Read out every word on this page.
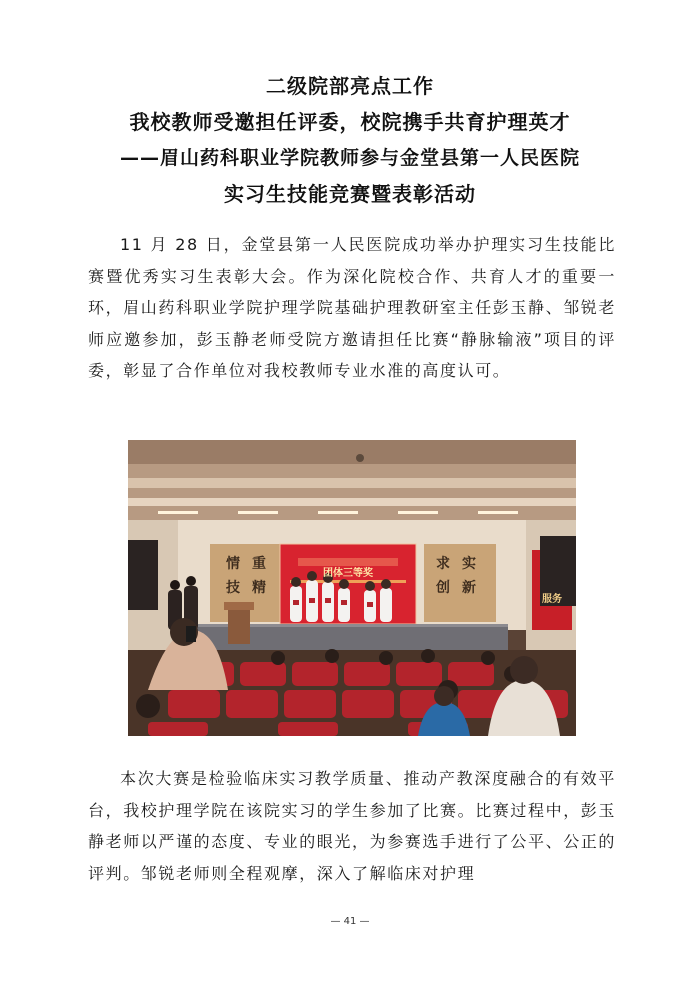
二级院部亮点工作
我校教师受邀担任评委，校院携手共育护理英才
——眉山药科职业学院教师参与金堂县第一人民医院
实习生技能竞赛暨表彰活动

11 月 28 日，金堂县第一人民医院成功举办护理实习生技能比赛暨优秀实习生表彰大会。作为深化院校合作、共育人才的重要一环，眉山药科职业学院护理学院基础护理教研室主任彭玉静、邹锐老师应邀参加，彭玉静老师受院方邀请担任比赛“静脉输液”项目的评委，彰显了合作单位对我校教师专业水准的高度认可。

情 重
技 精
求 实
创 新
团体三等奖
服务

本次大赛是检验临床实习教学质量、推动产教深度融合的有效平台，我校护理学院在该院实习的学生参加了比赛。比赛过程中，彭玉静老师以严谨的态度、专业的眼光，为参赛选手进行了公平、公正的评判。邹锐老师则全程观摩，深入了解临床对护理

— 41 —
